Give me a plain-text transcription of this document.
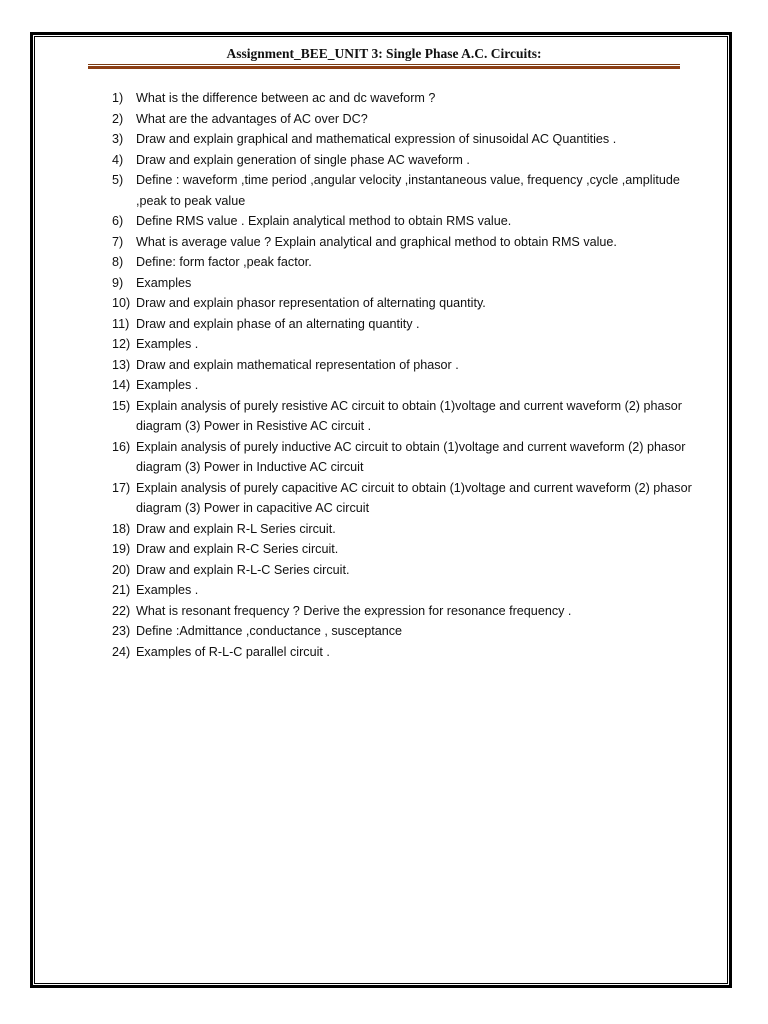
Assignment_BEE_UNIT 3: Single Phase A.C. Circuits:
1)	What is the difference between ac and dc waveform ?
2)	What are the advantages of AC over DC?
3)	Draw and explain graphical and mathematical expression of sinusoidal AC Quantities .
4)	Draw and explain generation of single phase AC waveform .
5)	Define : waveform ,time period ,angular velocity ,instantaneous value, frequency ,cycle ,amplitude ,peak to peak value
6)	Define RMS value . Explain analytical method to obtain RMS value.
7)	What is average value ? Explain analytical and graphical method to obtain RMS value.
8)	Define: form factor ,peak factor.
9)	Examples
10) Draw and explain phasor representation of alternating quantity.
11) Draw and explain phase of an alternating quantity .
12) Examples .
13) Draw and explain mathematical representation of phasor .
14) Examples .
15) Explain analysis of purely resistive AC circuit to obtain (1)voltage and current waveform (2) phasor diagram (3) Power in Resistive AC circuit .
16) Explain analysis of purely inductive AC circuit to obtain (1)voltage and current waveform (2) phasor diagram (3) Power in Inductive AC circuit
17) Explain analysis of purely capacitive AC circuit to obtain (1)voltage and current waveform (2) phasor diagram (3) Power in capacitive AC circuit
18) Draw and explain R-L Series circuit.
19) Draw and explain R-C Series circuit.
20) Draw and explain R-L-C Series circuit.
21) Examples .
22) What is resonant frequency ? Derive the expression for resonance frequency .
23) Define :Admittance ,conductance , susceptance
24) Examples of R-L-C parallel circuit .
